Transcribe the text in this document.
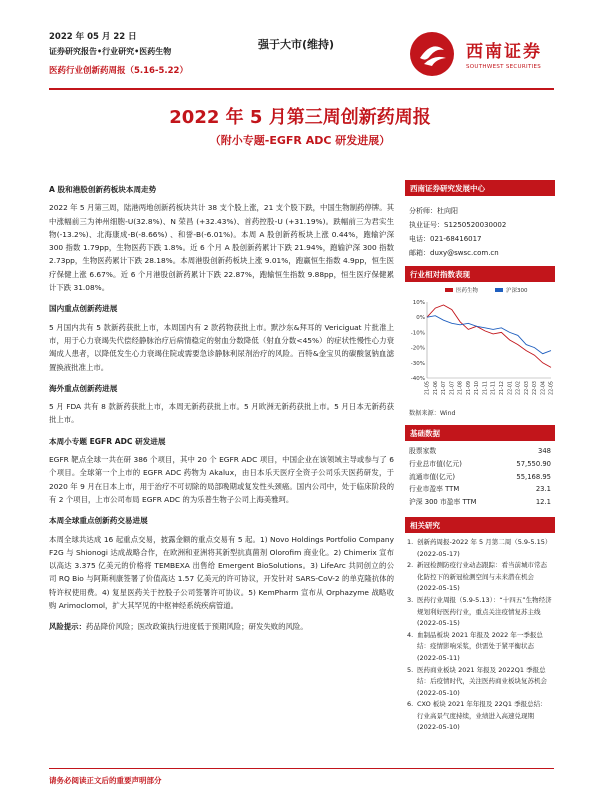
2022 年 05 月 22 日
证券研究报告•行业研究•医药生物
医药行业创新药周报（5.16-5.22）
强于大市(维持)	西南证券
SOUTHWEST SECURITIES
2022 年 5 月第三周创新药周报
（附小专题-EGFR ADC 研发进展）
A 股和港股创新药板块本周走势

2022 年 5 月第三周，陆港两地创新药板块共计 38 支个股上涨，21 支个股下跌，中国生物制药停牌。其中涨幅前三为神州细胞-U(32.8%)、N 荣昌 (+32.43%)、首药控股-U (+31.19%)。跌幅前三为君实生物(-13.2%)、北海康成-B(-8.66%) 、和誉-B(-6.01%)。本周 A 股创新药板块上涨 0.44%，跑输沪深 300 指数 1.79pp，生物医药下跌 1.8%。近 6 个月 A 股创新药累计下跌 21.94%，跑输沪深 300 指数 2.73pp，生物医药累计下跌 28.18%。本周港股创新药板块上涨 9.01%，跑赢恒生指数 4.9pp，恒生医疗保健上涨 6.67%。近 6 个月港股创新药累计下跌 22.87%，跑输恒生指数 9.88pp，恒生医疗保健累计下跌 31.08%。

国内重点创新药进展

5 月国内共有 5 款新药获批上市，本周国内有 2 款药物获批上市。默沙东&拜耳的 Vericiguat 片批准上市，用于心力衰竭失代偿经静脉治疗后病情稳定的射血分数降低（射血分数<45%）的症状性慢性心力衰竭成人患者，以降低发生心力衰竭住院或需要急诊静脉利尿剂治疗的风险。百特&金宝贝的碳酸氢钠血滤置换液批准上市。

海外重点创新药进展

5 月 FDA 共有 8 款新药获批上市，本周无新药获批上市。5 月欧洲无新药获批上市。5 月日本无新药获批上市。

本周小专题 EGFR ADC 研发进展

EGFR 靶点全球一共在研 386 个项目，其中 20 个 EGFR ADC 项目，中国企业在该领域主导或参与了 6 个项目。全球第一个上市的 EGFR ADC 药物为 Akalux，由日本乐天医疗全资子公司乐天医药研发，于 2020 年 9 月在日本上市，用于治疗不可切除的局部晚期或复发性头颈癌。国内公司中，处于临床阶段的有 2 个项目，上市公司布局 EGFR ADC 的为乐普生物子公司上海美雅珂。

本周全球重点创新药交易进展

本周全球共达成 16 起重点交易，披露金额的重点交易有 5 起。1) Novo Holdings Portfolio Company F2G 与 Shionogi 达成战略合作，在欧洲和亚洲将其新型抗真菌剂 Olorofim 商业化。2) Chimerix 宣布以高达 3.375 亿美元的价格将 TEMBEXA 出售给 Emergent BioSolutions。3) LifeArc 共同创立的公司 RQ Bio 与阿斯利康签署了价值高达 1.57 亿美元的许可协议，开发针对 SARS-CoV-2 的单克隆抗体的特许权使用费。4) 复星医药关于控股子公司签署许可协议。5) KemPharm 宣布从 Orphazyme 战略收购 Arimoclomol，扩大其罕见的中枢神经系统疾病管道。

风险提示：药品降价风险；医改政策执行进度低于预期风险；研发失败的风险。

西南证券研究发展中心
分析师：杜向阳
执业证号：S1250520030002
电话：021-68416017
邮箱：duxy@swsc.com.cn
行业相对指数表现
10%
0%
-10%
-20%
-30%
-40%
21-05 21-06 21-07 21-07 21-08 21-09 21-10 21-11 21-11 21-12 22-01 22-02 22-03 22-03 22-04 22-05
医药生物	沪深300
数据来源：Wind
基础数据
股票家数	348
行业总市值(亿元)	57,550.90
流通市值(亿元)	55,168.95
行业市盈率 TTM	23.1
沪深 300 市盈率 TTM	12.1
相关研究
1. 创新药周报-2022 年 5 月第二周（5.9-5.15） (2022-05-17)
2. 新冠检测防疫行业动态跟踪：看当前城市常态化防控下的新冠检测空间与未来潜在机会 (2022-05-15)
3. 医药行业周报（5.9-5.13）：“十四五”生物经济规划利好医药行业，重点关注疫情复苏主线 (2022-05-15)
4. 血制品板块 2021 年报及 2022 年一季报总结：疫情影响采浆，供需处于紧平衡状态 (2022-05-11)
5. 医药商业板块 2021 年报及 2022Q1 季报总结：后疫情时代，关注医药商业板块复苏机会 (2022-05-10)
6. CXO 板块 2021 年年报及 22Q1 季报总结：行业高景气度持续，业绩进入高速兑现期 (2022-05-10)
请务必阅读正文后的重要声明部分
